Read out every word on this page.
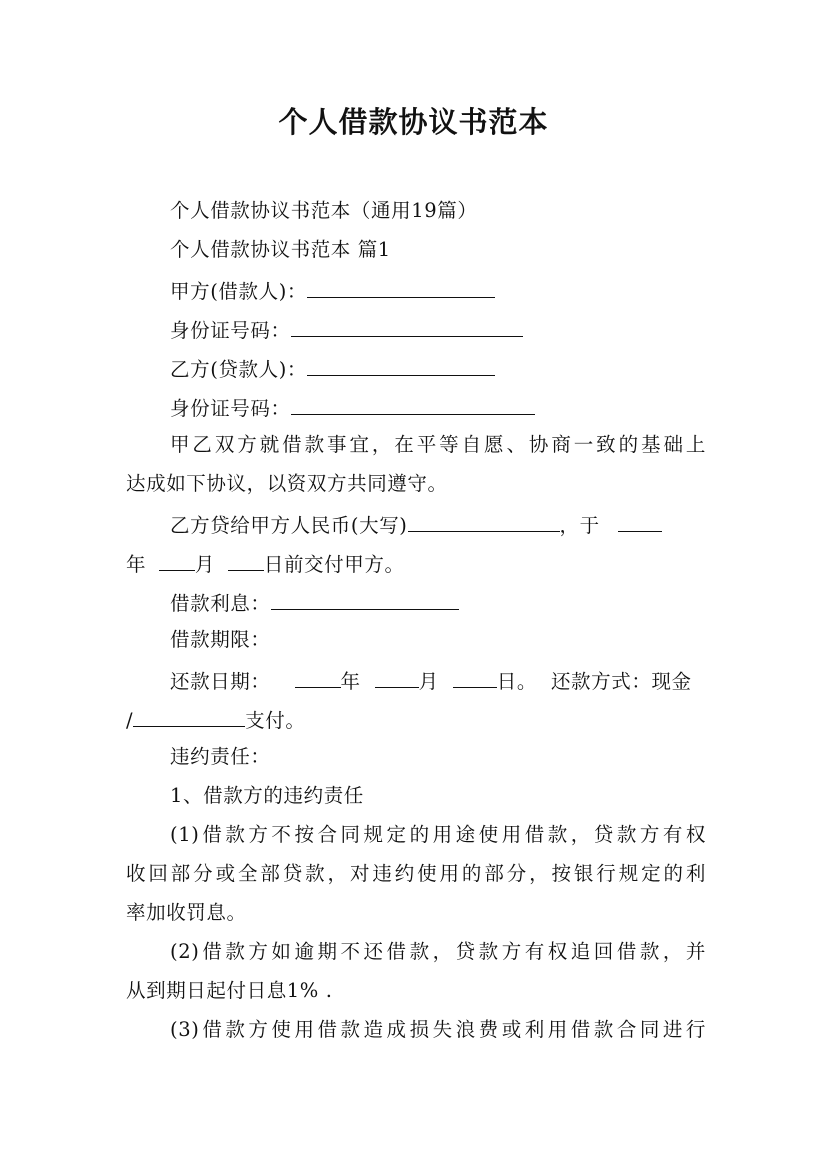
个人借款协议书范本
个人借款协议书范本（通用19篇）
个人借款协议书范本 篇1
甲方(借款人)：
身份证号码：
乙方(贷款人)：
身份证号码：
甲乙双方就借款事宜，在平等自愿、协商一致的基础上
达成如下协议，以资双方共同遵守。
乙方贷给甲方人民币(大写)	，于
年	月	日前交付甲方。
借款利息：
借款期限：
还款日期：	年	月	日。 还款方式：现金
/	支付。
违约责任：
1、借款方的违约责任
(1)借款方不按合同规定的用途使用借款，贷款方有权
收回部分或全部贷款，对违约使用的部分，按银行规定的利
率加收罚息。
(2)借款方如逾期不还借款，贷款方有权追回借款，并
从到期日起付日息1% .
(3)借款方使用借款造成损失浪费或利用借款合同进行
